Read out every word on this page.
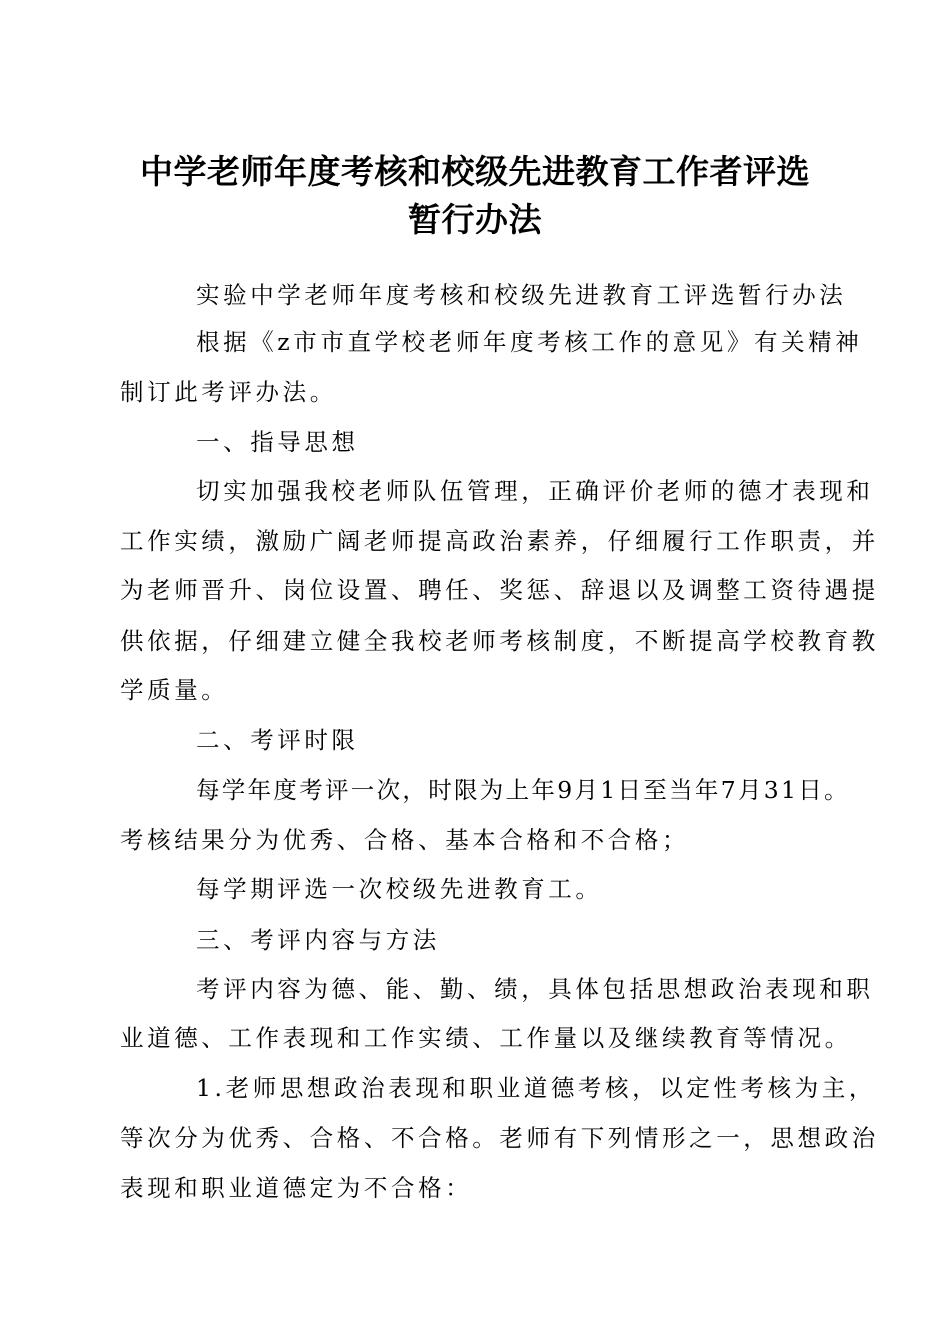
中学老师年度考核和校级先进教育工作者评选
暂行办法
实验中学老师年度考核和校级先进教育工评选暂行办法
根据《z市市直学校老师年度考核工作的意见》有关精神
制订此考评办法。
一、指导思想
切实加强我校老师队伍管理，正确评价老师的德才表现和
工作实绩，激励广阔老师提高政治素养，仔细履行工作职责，并
为老师晋升、岗位设置、聘任、奖惩、辞退以及调整工资待遇提
供依据，仔细建立健全我校老师考核制度，不断提高学校教育教
学质量。
二、考评时限
每学年度考评一次，时限为上年9月1日至当年7月31日。
考核结果分为优秀、合格、基本合格和不合格；
每学期评选一次校级先进教育工。
三、考评内容与方法
考评内容为德、能、勤、绩，具体包括思想政治表现和职
业道德、工作表现和工作实绩、工作量以及继续教育等情况。
1.老师思想政治表现和职业道德考核，以定性考核为主，
等次分为优秀、合格、不合格。老师有下列情形之一，思想政治
表现和职业道德定为不合格：
